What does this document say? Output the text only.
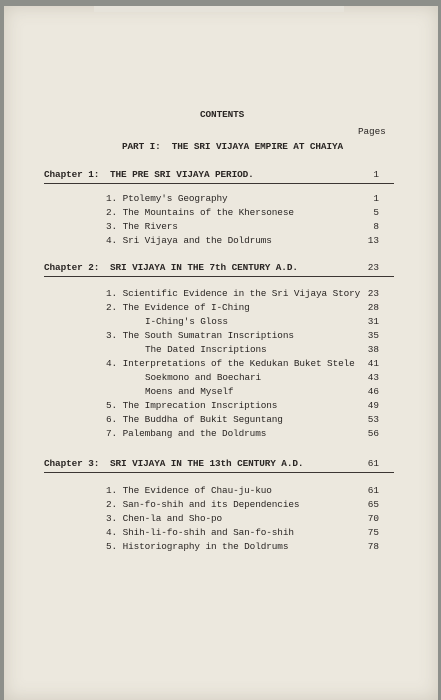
CONTENTS
Pages
PART I:  THE SRI VIJAYA EMPIRE AT CHAIYA
Chapter 1: THE PRE SRI VIJAYA PERIOD.	1
1. Ptolemy's Geography	1
2. The Mountains of the Khersonese	5
3. The Rivers	8
4. Sri Vijaya and the Doldrums	13
Chapter 2: SRI VIJAYA IN THE 7th CENTURY A.D.	23
1. Scientific Evidence in the Sri Vijaya Story 23
2. The Evidence of I-Ching	28
I-Ching's Gloss	31
3. The South Sumatran Inscriptions	35
The Dated Inscriptions	38
4. Interpretations of the Kedukan Buket Stele	41
Soekmono and Boechari	43
Moens and Myself	46
5. The Imprecation Inscriptions	49
6. The Buddha of Bukit Seguntang	53
7. Palembang and the Doldrums	56
Chapter 3: SRI VIJAYA IN THE 13th CENTURY A.D.	61
1. The Evidence of Chau-ju-kuo	61
2. San-fo-shih and its Dependencies	65
3. Chen-la and Sho-po	70
4. Shih-li-fo-shih and San-fo-shih	75
5. Historiography in the Doldrums	78
